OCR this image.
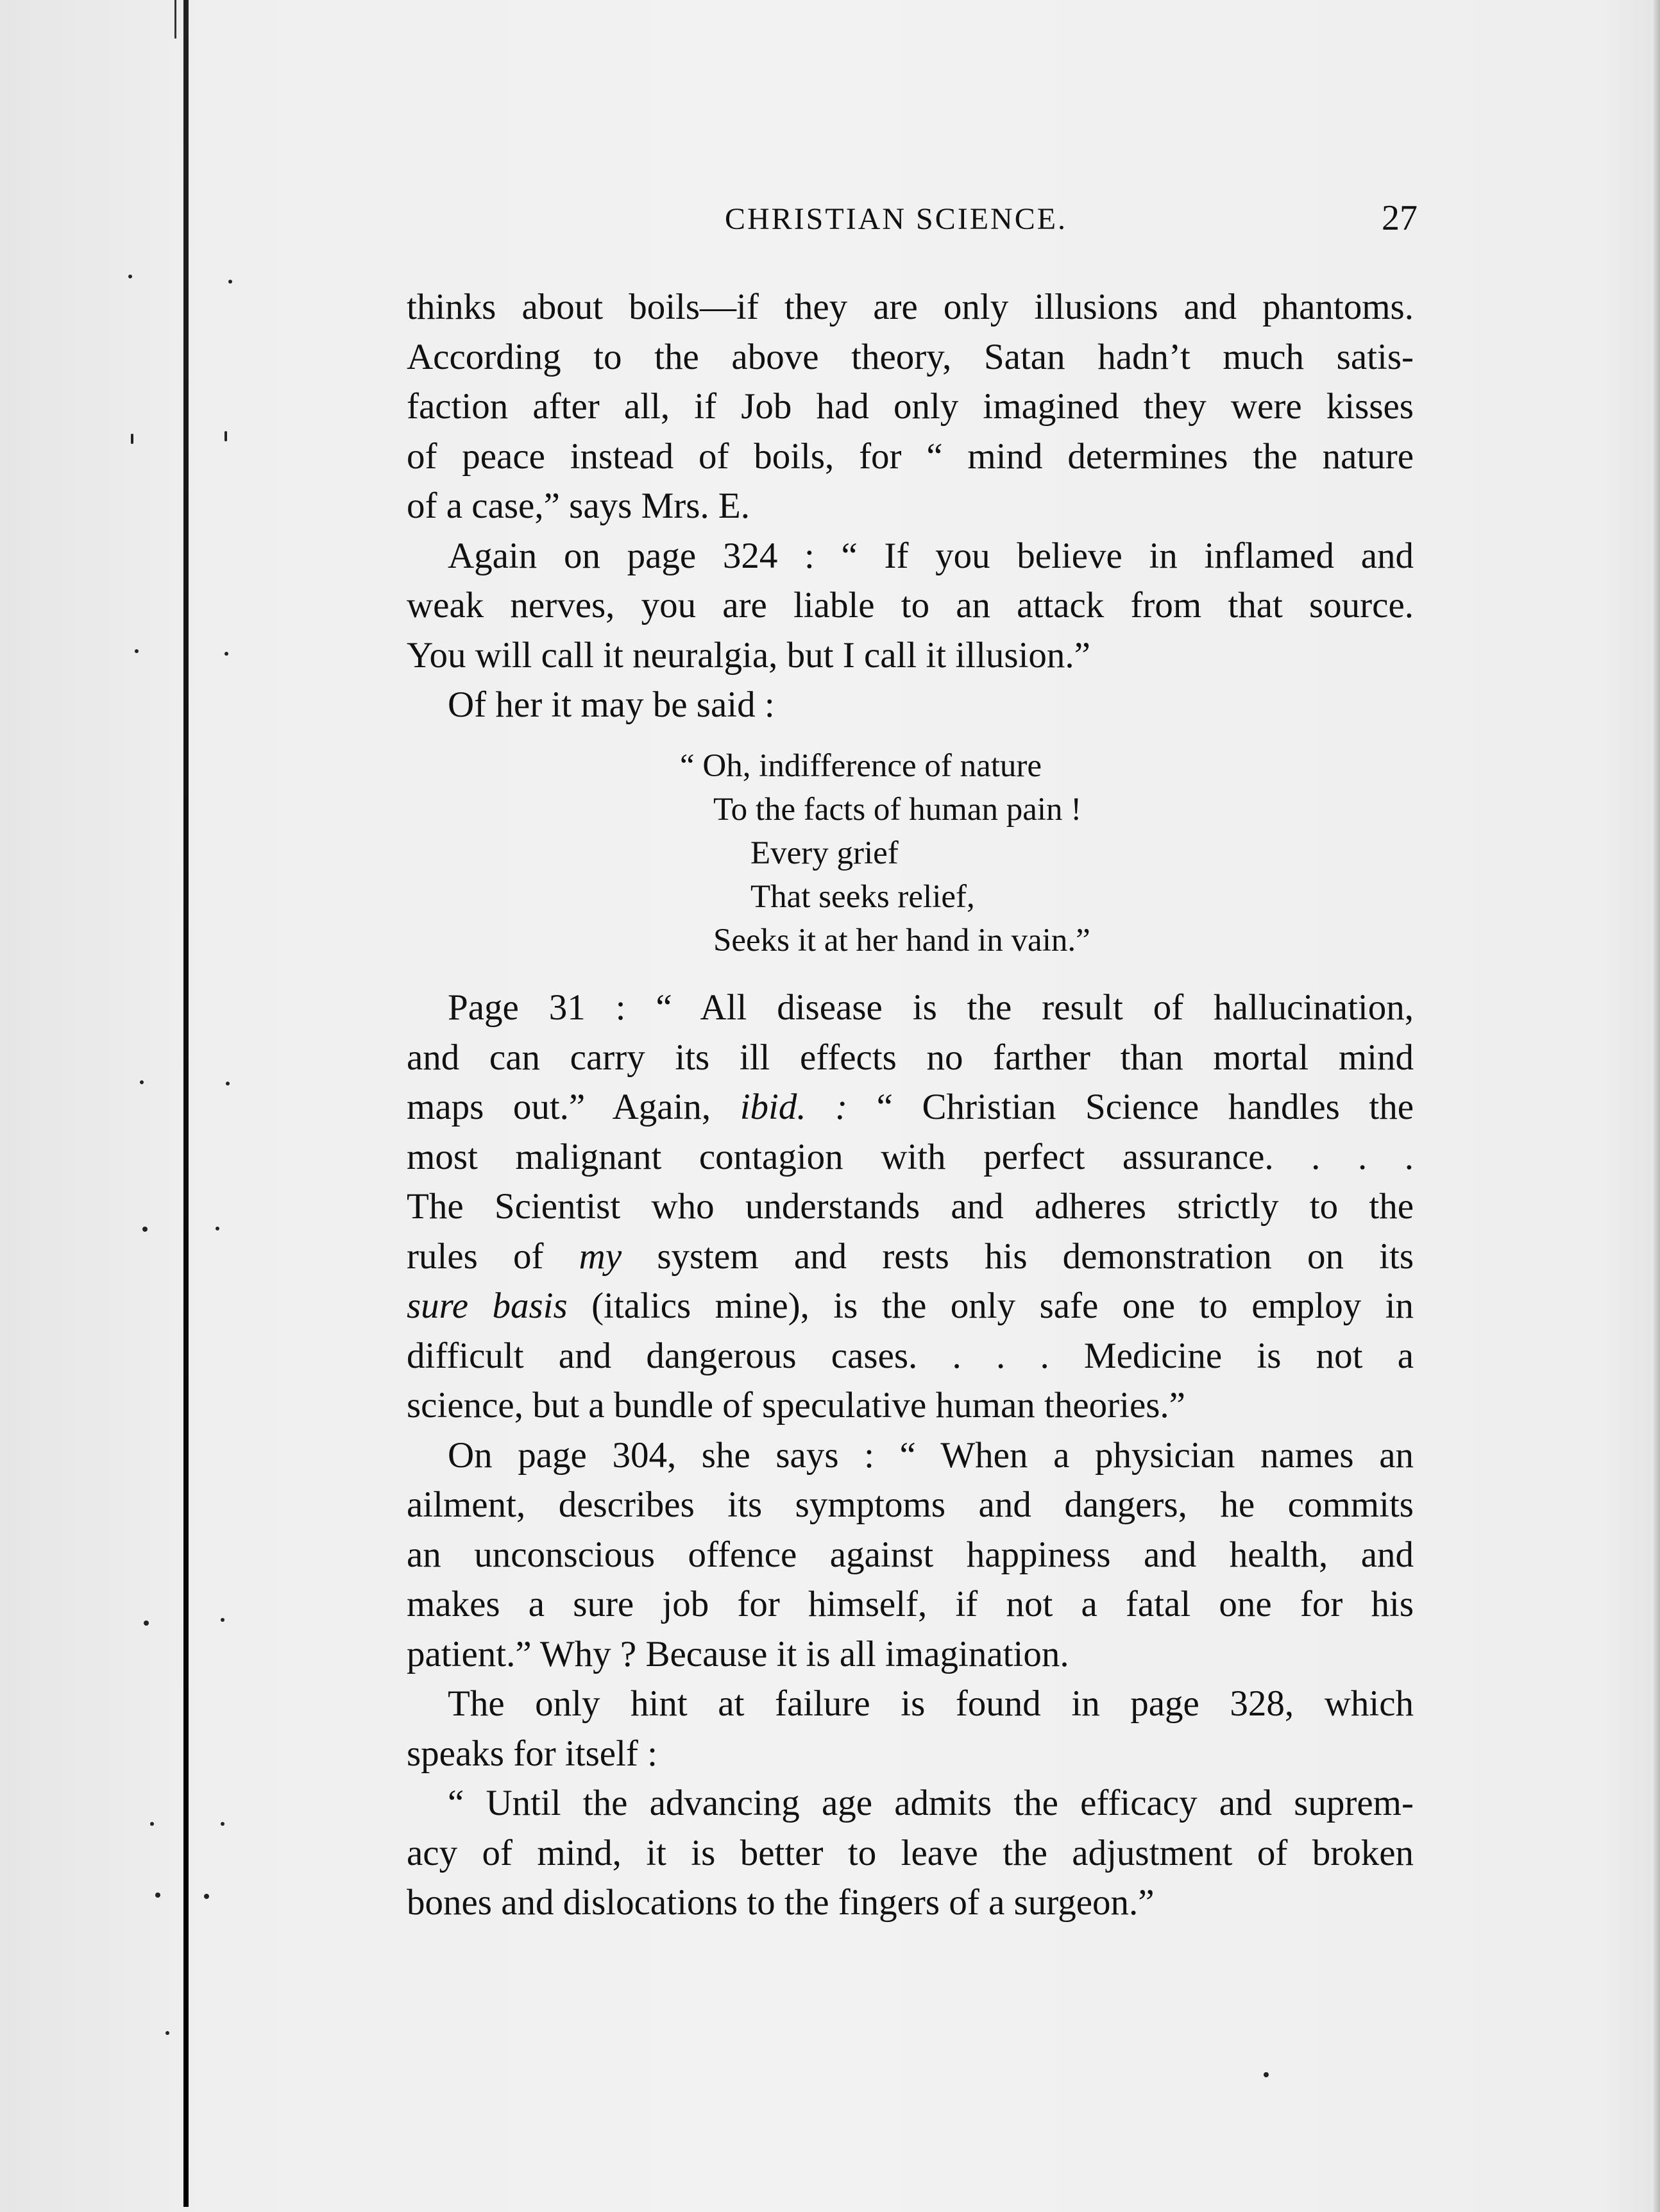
CHRISTIAN SCIENCE.	27
thinks about boils—if they are only illusions and phantoms.
According to the above theory, Satan hadn’t much satis-
faction after all, if Job had only imagined they were kisses
of peace instead of boils, for “ mind determines the nature
of a case,” says Mrs. E.
Again on page 324 : “ If you believe in inflamed and
weak nerves, you are liable to an attack from that source.
You will call it neuralgia, but I call it illusion.”
Of her it may be said :
“ Oh, indifference of nature
To the facts of human pain !
Every grief
That seeks relief,
Seeks it at her hand in vain.”
Page 31 : “ All disease is the result of hallucination,
and can carry its ill effects no farther than mortal mind
maps out.” Again, ibid. : “ Christian Science handles the
most malignant contagion with perfect assurance. . . .
The Scientist who understands and adheres strictly to the
rules of my system and rests his demonstration on its
sure basis (italics mine), is the only safe one to employ in
difficult and dangerous cases. . . . Medicine is not a
science, but a bundle of speculative human theories.”
On page 304, she says : “ When a physician names an
ailment, describes its symptoms and dangers, he commits
an unconscious offence against happiness and health, and
makes a sure job for himself, if not a fatal one for his
patient.” Why ? Because it is all imagination.
The only hint at failure is found in page 328, which
speaks for itself :
“ Until the advancing age admits the efficacy and suprem-
acy of mind, it is better to leave the adjustment of broken
bones and dislocations to the fingers of a surgeon.”
